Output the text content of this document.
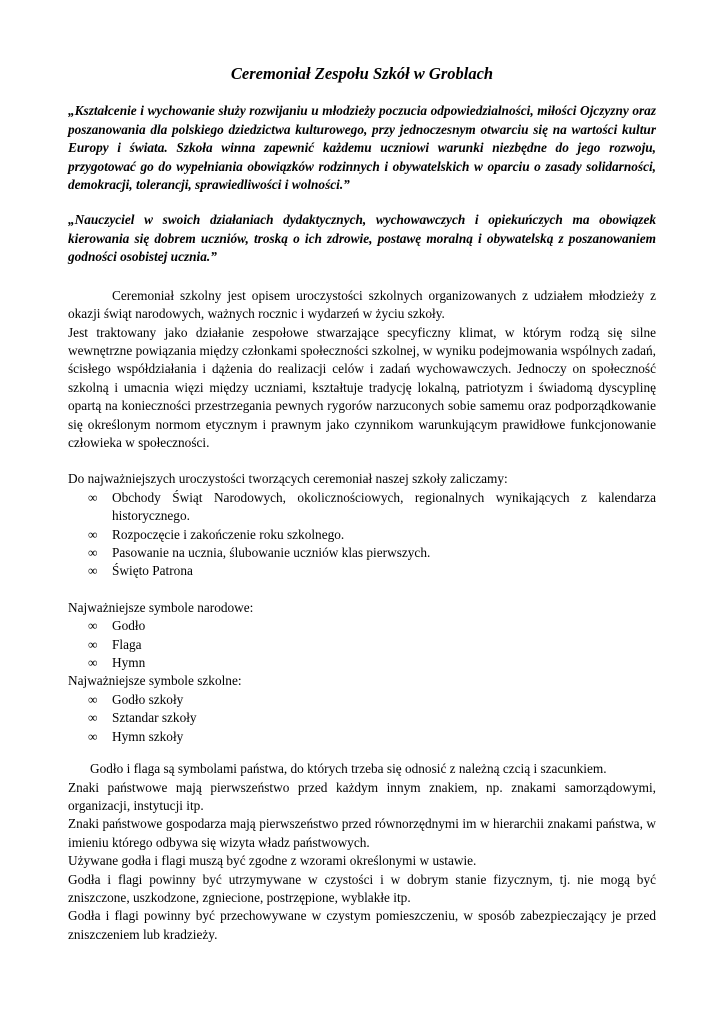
Ceremoniał Zespołu Szkół w Groblach

„Kształcenie i wychowanie służy rozwijaniu u młodzieży poczucia odpowiedzialności, miłości Ojczyzny oraz poszanowania dla polskiego dziedzictwa kulturowego, przy jednoczesnym otwarciu się na wartości kultur Europy i świata. Szkoła winna zapewnić każdemu uczniowi warunki niezbędne do jego rozwoju, przygotować go do wypełniania obowiązków rodzinnych i obywatelskich w oparciu o zasady solidarności, demokracji, tolerancji, sprawiedliwości i wolności.”

„Nauczyciel w swoich działaniach dydaktycznych, wychowawczych i opiekuńczych ma obowiązek kierowania się dobrem uczniów, troską o ich zdrowie, postawę moralną i obywatelską z poszanowaniem godności osobistej ucznia.”

Ceremoniał szkolny jest opisem uroczystości szkolnych organizowanych z udziałem młodzieży z okazji świąt narodowych, ważnych rocznic i wydarzeń w życiu szkoły.

Jest traktowany jako działanie zespołowe stwarzające specyficzny klimat, w którym rodzą się silne wewnętrzne powiązania między członkami społeczności szkolnej, w wyniku podejmowania wspólnych zadań, ścisłego współdziałania i dążenia do realizacji celów i zadań wychowawczych. Jednoczy on społeczność szkolną i umacnia więzi między uczniami, kształtuje tradycję lokalną, patriotyzm i świadomą dyscyplinę opartą na konieczności przestrzegania pewnych rygorów narzuconych sobie samemu oraz podporządkowanie się określonym normom etycznym i prawnym jako czynnikom warunkującym prawidłowe funkcjonowanie człowieka w społeczności.

Do najważniejszych uroczystości tworzących ceremoniał naszej szkoły zaliczamy:

∞ Obchody Świąt Narodowych, okolicznościowych, regionalnych wynikających z kalendarza historycznego.
∞ Rozpoczęcie i zakończenie roku szkolnego.
∞ Pasowanie na ucznia, ślubowanie uczniów klas pierwszych.
∞ Święto Patrona

Najważniejsze symbole narodowe:

∞ Godło
∞ Flaga
∞ Hymn

Najważniejsze symbole szkolne:

∞ Godło szkoły
∞ Sztandar szkoły
∞ Hymn szkoły

Godło i flaga są symbolami państwa, do których trzeba się odnosić z należną czcią i szacunkiem.

Znaki państwowe mają pierwszeństwo przed każdym innym znakiem, np. znakami samorządowymi, organizacji, instytucji itp.

Znaki państwowe gospodarza mają pierwszeństwo przed równorzędnymi im w hierarchii znakami państwa, w imieniu którego odbywa się wizyta władz państwowych.

Używane godła i flagi muszą być zgodne z wzorami określonymi w ustawie.

Godła i flagi powinny być utrzymywane w czystości i w dobrym stanie fizycznym, tj. nie mogą być zniszczone, uszkodzone, zgniecione, postrzępione, wyblakłe itp.

Godła i flagi powinny być przechowywane w czystym pomieszczeniu, w sposób zabezpieczający je przed zniszczeniem lub kradzieży.
